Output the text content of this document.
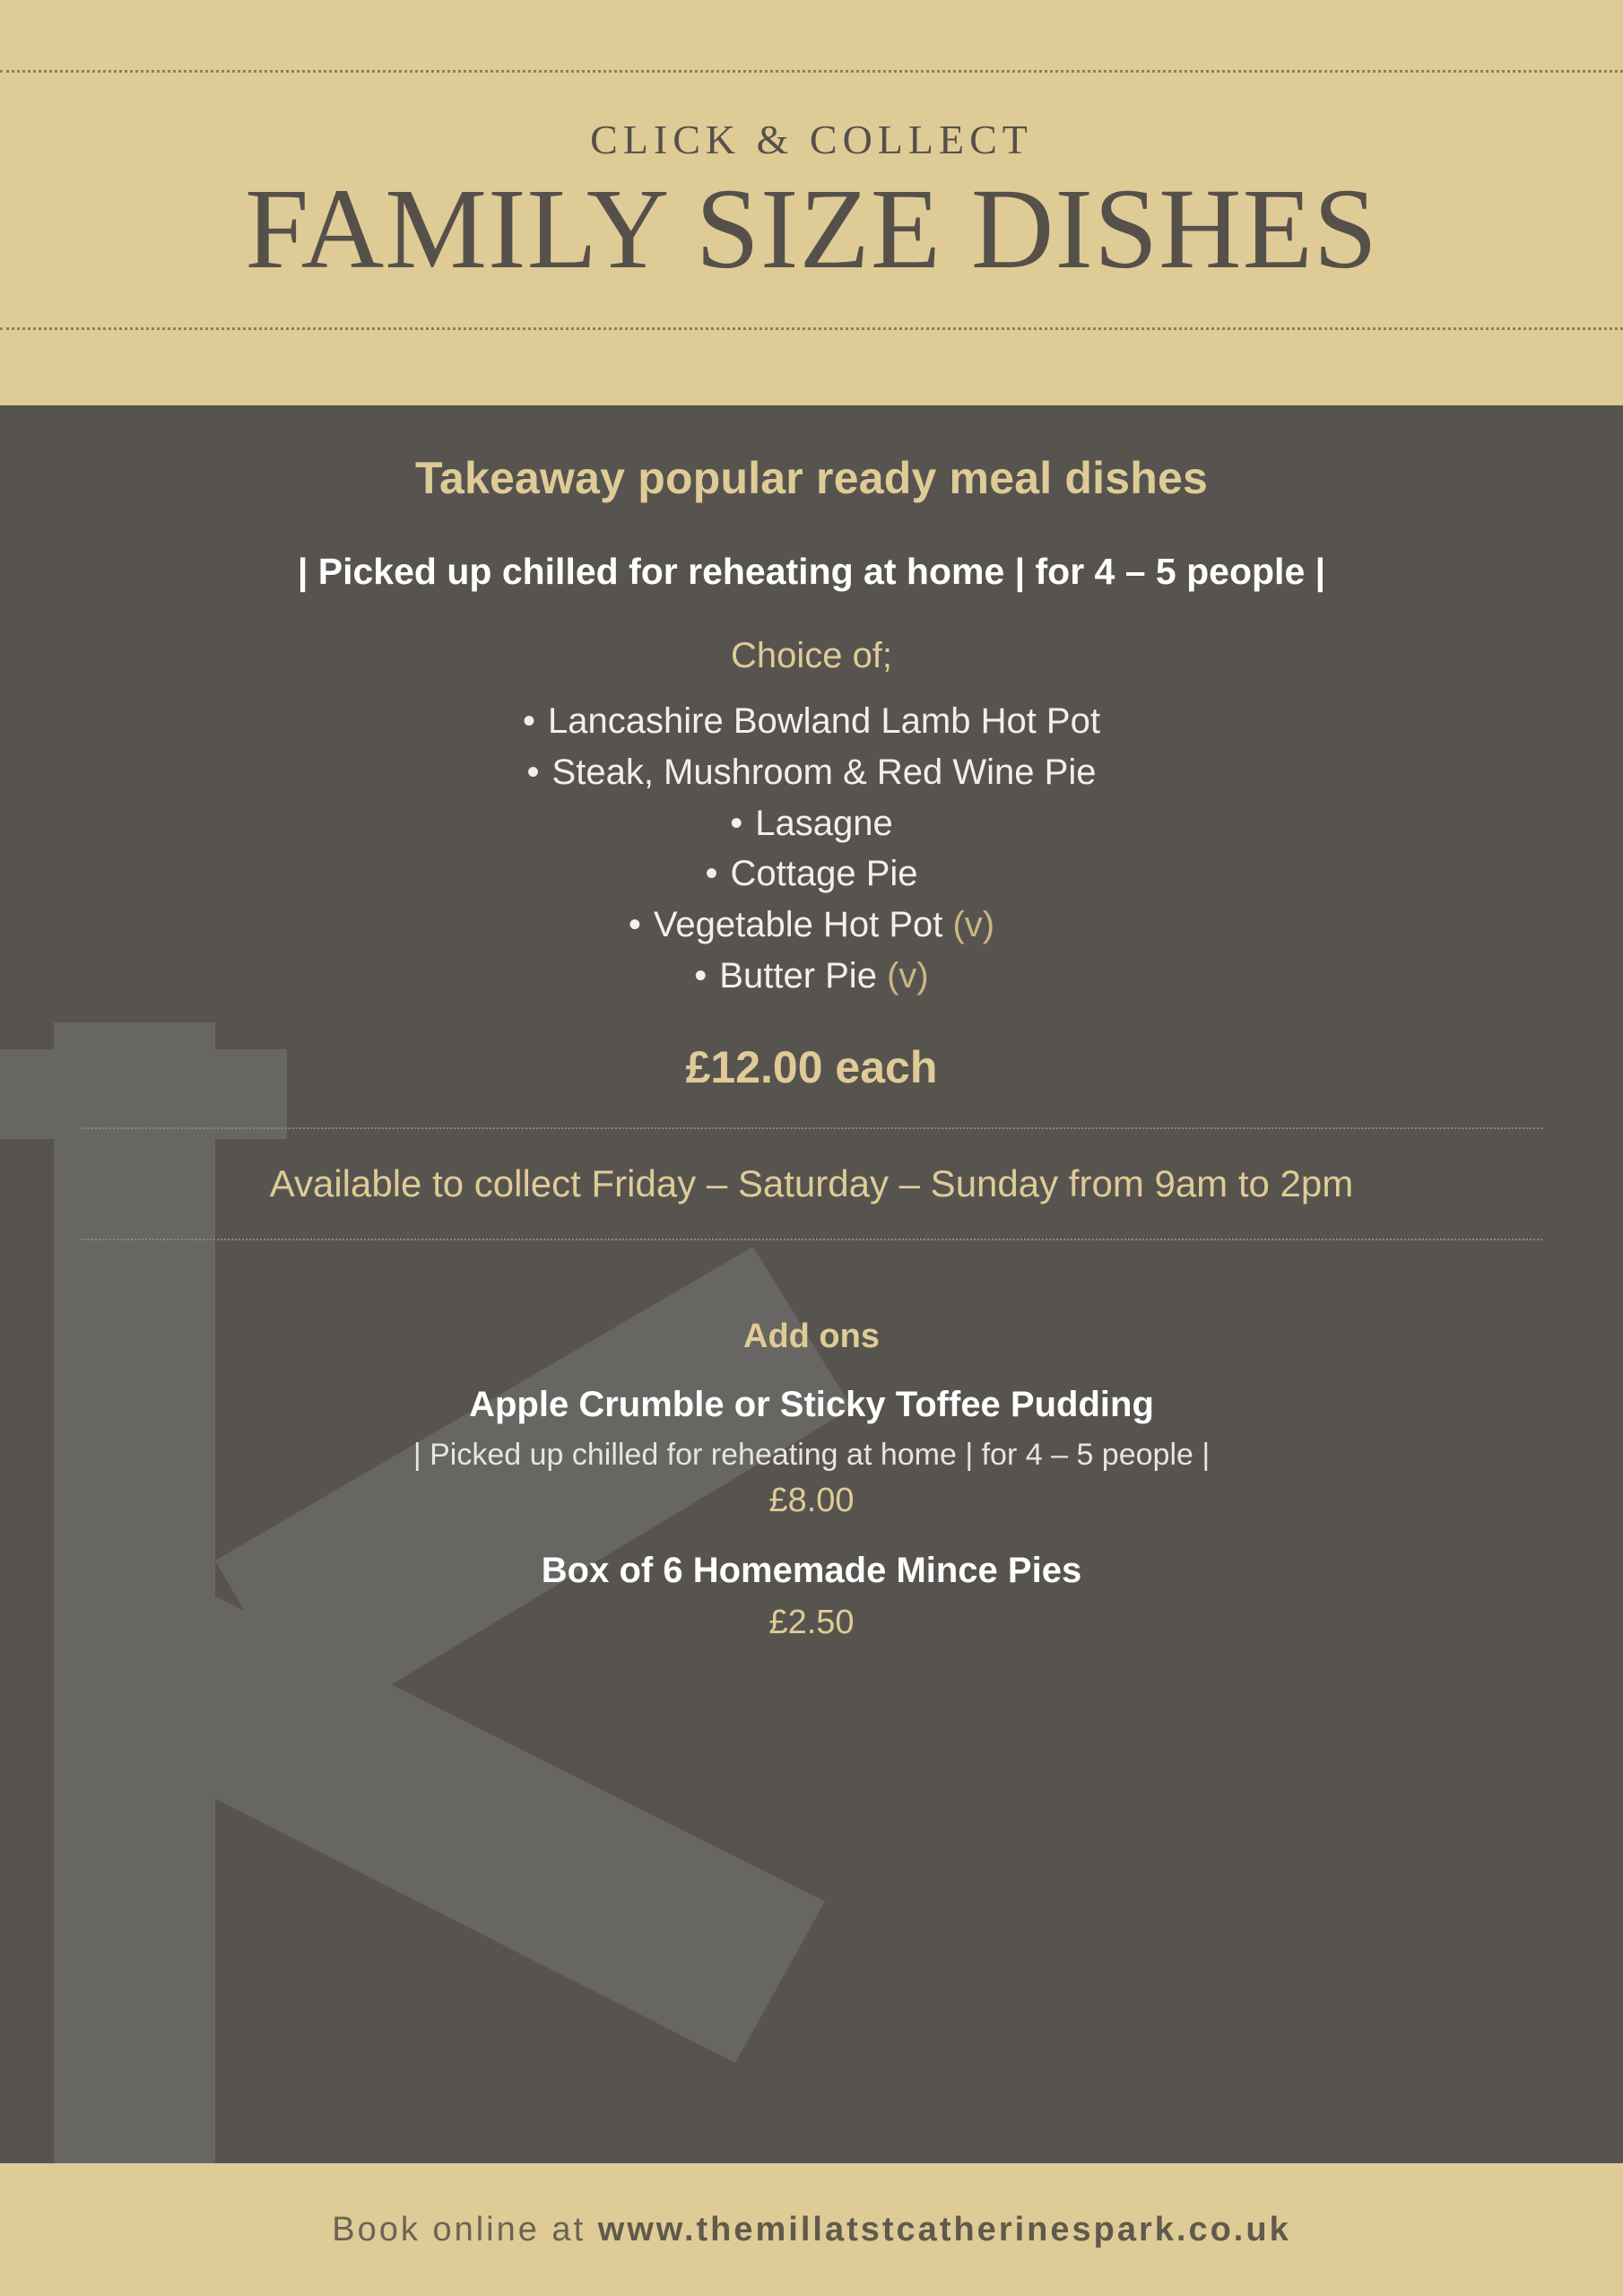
CLICK & COLLECT
FAMILY SIZE DISHES
Takeaway popular ready meal dishes
| Picked up chilled for reheating at home | for 4 – 5 people |
Choice of;
• Lancashire Bowland Lamb Hot Pot
• Steak, Mushroom & Red Wine Pie
• Lasagne
• Cottage Pie
• Vegetable Hot Pot (v)
• Butter Pie (v)
£12.00 each
Available to collect Friday – Saturday – Sunday from 9am to 2pm
Add ons
Apple Crumble or Sticky Toffee Pudding
| Picked up chilled for reheating at home | for 4 – 5 people |
£8.00
Box of 6 Homemade Mince Pies
£2.50
Book online at www.themillatstcatherinespark.co.uk
